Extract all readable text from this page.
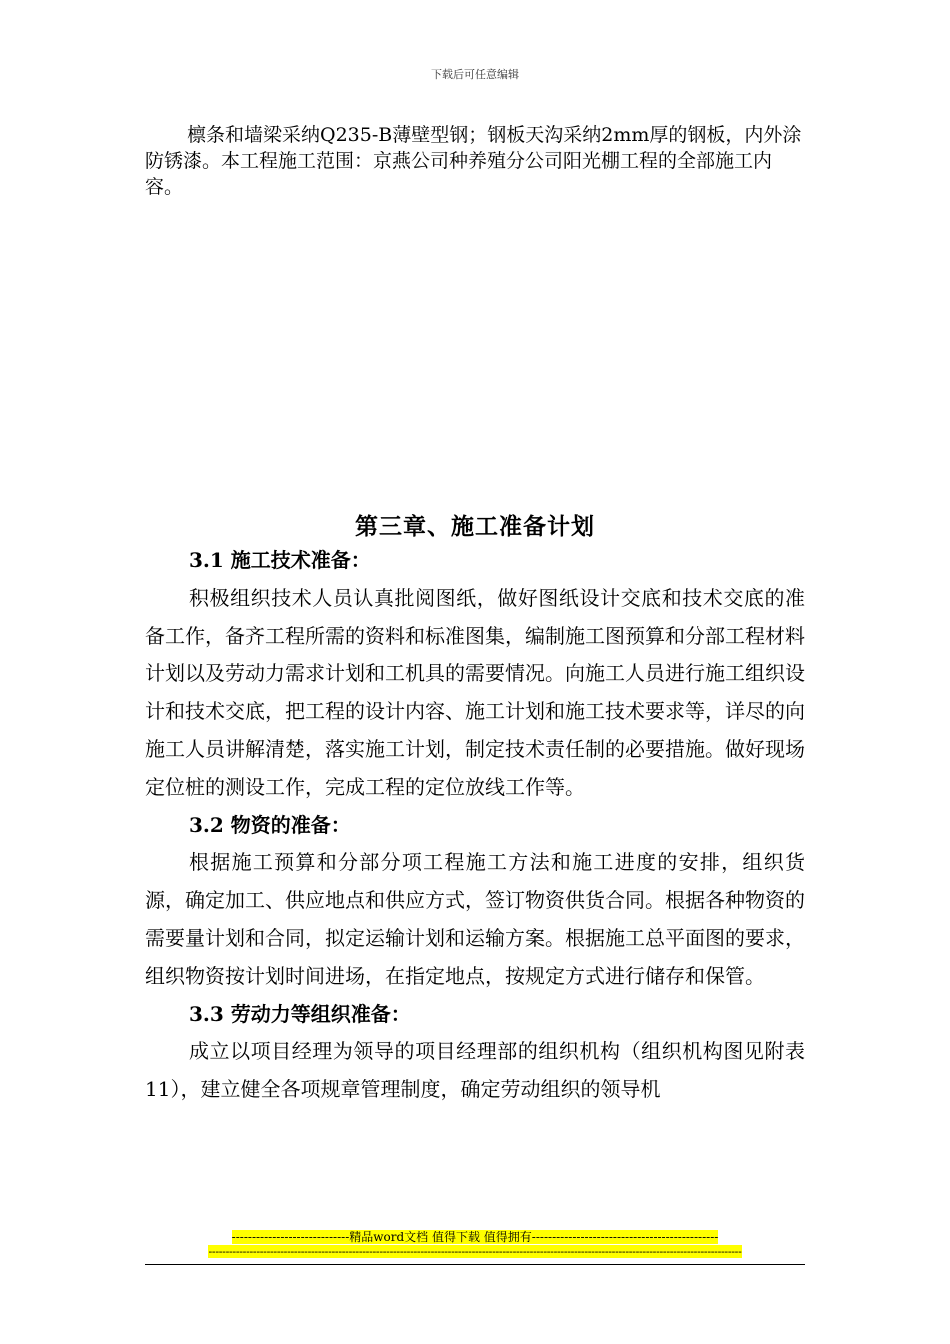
下载后可任意编辑

檩条和墙梁采纳Q235-B薄壁型钢；钢板天沟采纳2mm厚的钢板，内外涂防锈漆。本工程施工范围：京燕公司种养殖分公司阳光棚工程的全部施工内容。

第三章、施工准备计划

3.1 施工技术准备：

积极组织技术人员认真批阅图纸，做好图纸设计交底和技术交底的准备工作，备齐工程所需的资料和标准图集，编制施工图预算和分部工程材料计划以及劳动力需求计划和工机具的需要情况。向施工人员进行施工组织设计和技术交底，把工程的设计内容、施工计划和施工技术要求等，详尽的向施工人员讲解清楚，落实施工计划，制定技术责任制的必要措施。做好现场定位桩的测设工作，完成工程的定位放线工作等。

3.2 物资的准备：

根据施工预算和分部分项工程施工方法和施工进度的安排，组织货源，确定加工、供应地点和供应方式，签订物资供货合同。根据各种物资的需要量计划和合同，拟定运输计划和运输方案。根据施工总平面图的要求，组织物资按计划时间进场，在指定地点，按规定方式进行储存和保管。

3.3 劳动力等组织准备：

成立以项目经理为领导的项目经理部的组织机构（组织机构图见附表11），建立健全各项规章管理制度，确定劳动组织的领导机

-----------------------------精品word文档 值得下载 值得拥有----------------------------------------------
------------------------------------------------------------------------------------------------------------------------------------------------------------
